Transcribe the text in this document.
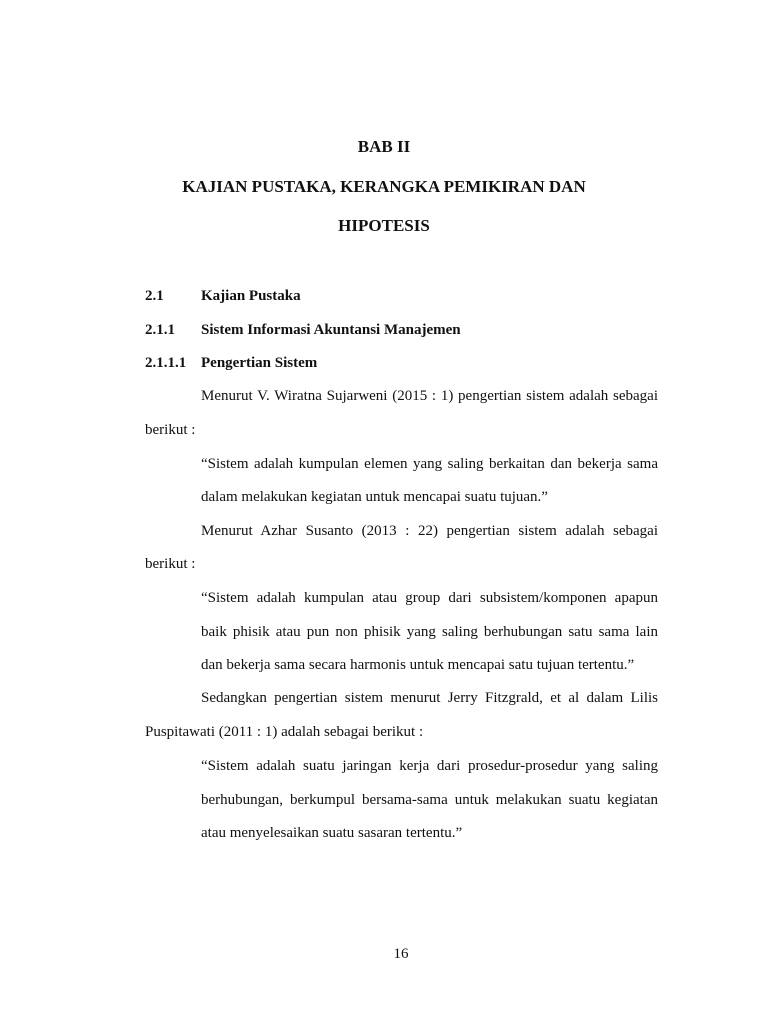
BAB II
KAJIAN PUSTAKA, KERANGKA PEMIKIRAN DAN
HIPOTESIS
2.1 Kajian Pustaka
2.1.1 Sistem Informasi Akuntansi Manajemen
2.1.1.1 Pengertian Sistem
Menurut V. Wiratna Sujarweni (2015 : 1) pengertian sistem adalah sebagai
berikut :
“Sistem adalah kumpulan elemen yang saling berkaitan dan bekerja sama
dalam melakukan kegiatan untuk mencapai suatu tujuan.”
Menurut Azhar Susanto (2013 : 22) pengertian sistem adalah sebagai
berikut :
“Sistem adalah kumpulan atau group dari subsistem/komponen apapun
baik phisik atau pun non phisik yang saling berhubungan satu sama lain
dan bekerja sama secara harmonis untuk mencapai satu tujuan tertentu.”
Sedangkan pengertian sistem menurut Jerry Fitzgrald, et al dalam Lilis
Puspitawati (2011 : 1) adalah sebagai berikut :
“Sistem adalah suatu jaringan kerja dari prosedur-prosedur yang saling
berhubungan, berkumpul bersama-sama untuk melakukan suatu kegiatan
atau menyelesaikan suatu sasaran tertentu.”
16
